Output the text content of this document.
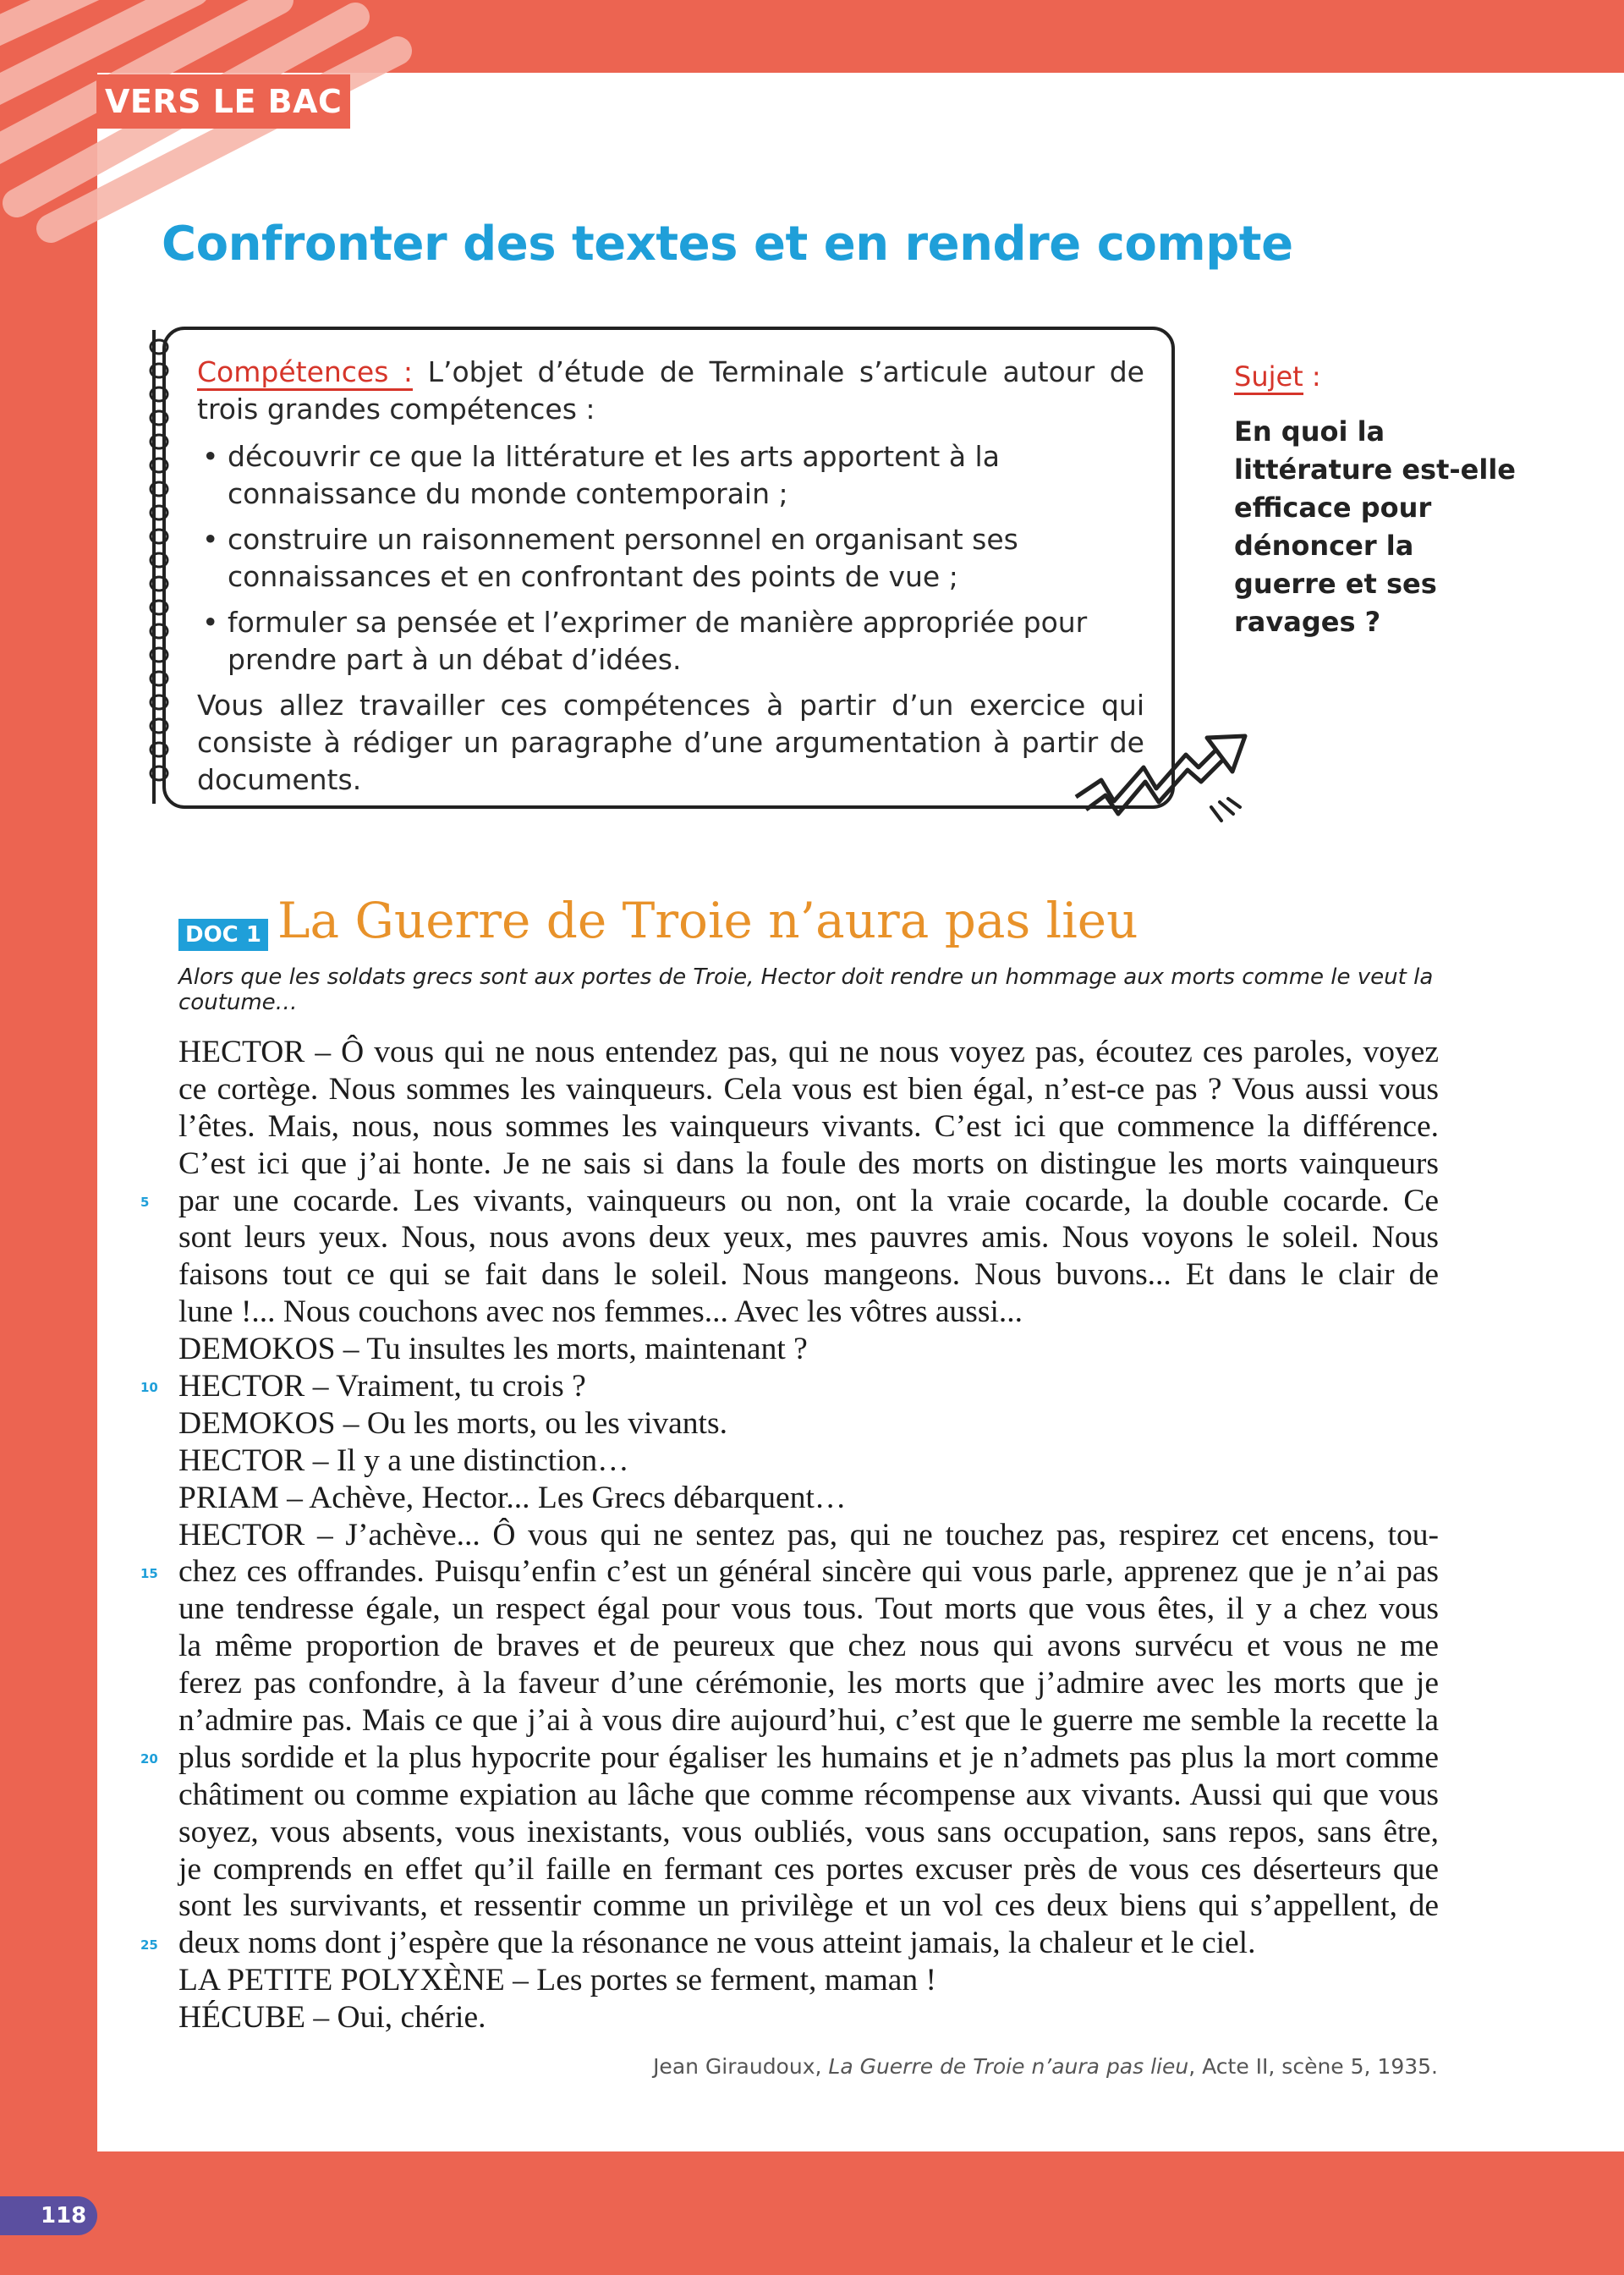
VERS LE BAC
Confronter des textes et en rendre compte

Compétences : L’objet d’étude de Terminale s’articule autour de trois grandes compétences :

• découvrir ce que la littérature et les arts apportent à la connaissance du monde contemporain ;
• construire un raisonnement personnel en organisant ses connaissances et en confrontant des points de vue ;
• formuler sa pensée et l’exprimer de manière appropriée pour prendre part à un débat d’idées.

Vous allez travailler ces compétences à partir d’un exercice qui consiste à rédiger un paragraphe d’une argumentation à partir de documents.

Sujet :
En quoi la littérature est-elle efficace pour dénoncer la guerre et ses ravages ?
DOC 1 La Guerre de Troie n’aura pas lieu
Alors que les soldats grecs sont aux portes de Troie, Hector doit rendre un hommage aux morts comme le veut la coutume…
HECTOR – Ô vous qui ne nous entendez pas, qui ne nous voyez pas, écoutez ces paroles, voyez
ce cortège. Nous sommes les vainqueurs. Cela vous est bien égal, n’est-ce pas ? Vous aussi vous
l’êtes. Mais, nous, nous sommes les vainqueurs vivants. C’est ici que commence la différence.
C’est ici que j’ai honte. Je ne sais si dans la foule des morts on distingue les morts vainqueurs
par une cocarde. Les vivants, vainqueurs ou non, ont la vraie cocarde, la double cocarde. Ce
sont leurs yeux. Nous, nous avons deux yeux, mes pauvres amis. Nous voyons le soleil. Nous
faisons tout ce qui se fait dans le soleil. Nous mangeons. Nous buvons... Et dans le clair de
lune !... Nous couchons avec nos femmes... Avec les vôtres aussi...
DEMOKOS – Tu insultes les morts, maintenant ?
HECTOR – Vraiment, tu crois ?
DEMOKOS – Ou les morts, ou les vivants.
HECTOR – Il y a une distinction…
PRIAM – Achève, Hector... Les Grecs débarquent…
HECTOR – J’achève... Ô vous qui ne sentez pas, qui ne touchez pas, respirez cet encens, tou-
chez ces offrandes. Puisqu’enfin c’est un général sincère qui vous parle, apprenez que je n’ai pas
une tendresse égale, un respect égal pour vous tous. Tout morts que vous êtes, il y a chez vous
la même proportion de braves et de peureux que chez nous qui avons survécu et vous ne me
ferez pas confondre, à la faveur d’une cérémonie, les morts que j’admire avec les morts que je
n’admire pas. Mais ce que j’ai à vous dire aujourd’hui, c’est que le guerre me semble la recette la
plus sordide et la plus hypocrite pour égaliser les humains et je n’admets pas plus la mort comme
châtiment ou comme expiation au lâche que comme récompense aux vivants. Aussi qui que vous
soyez, vous absents, vous inexistants, vous oubliés, vous sans occupation, sans repos, sans être,
je comprends en effet qu’il faille en fermant ces portes excuser près de vous ces déserteurs que
sont les survivants, et ressentir comme un privilège et un vol ces deux biens qui s’appellent, de
deux noms dont j’espère que la résonance ne vous atteint jamais, la chaleur et le ciel.
LA PETITE POLYXÈNE – Les portes se ferment, maman !
HÉCUBE – Oui, chérie.
5
10
15
20
25
Jean Giraudoux, La Guerre de Troie n’aura pas lieu, Acte II, scène 5, 1935.
118
